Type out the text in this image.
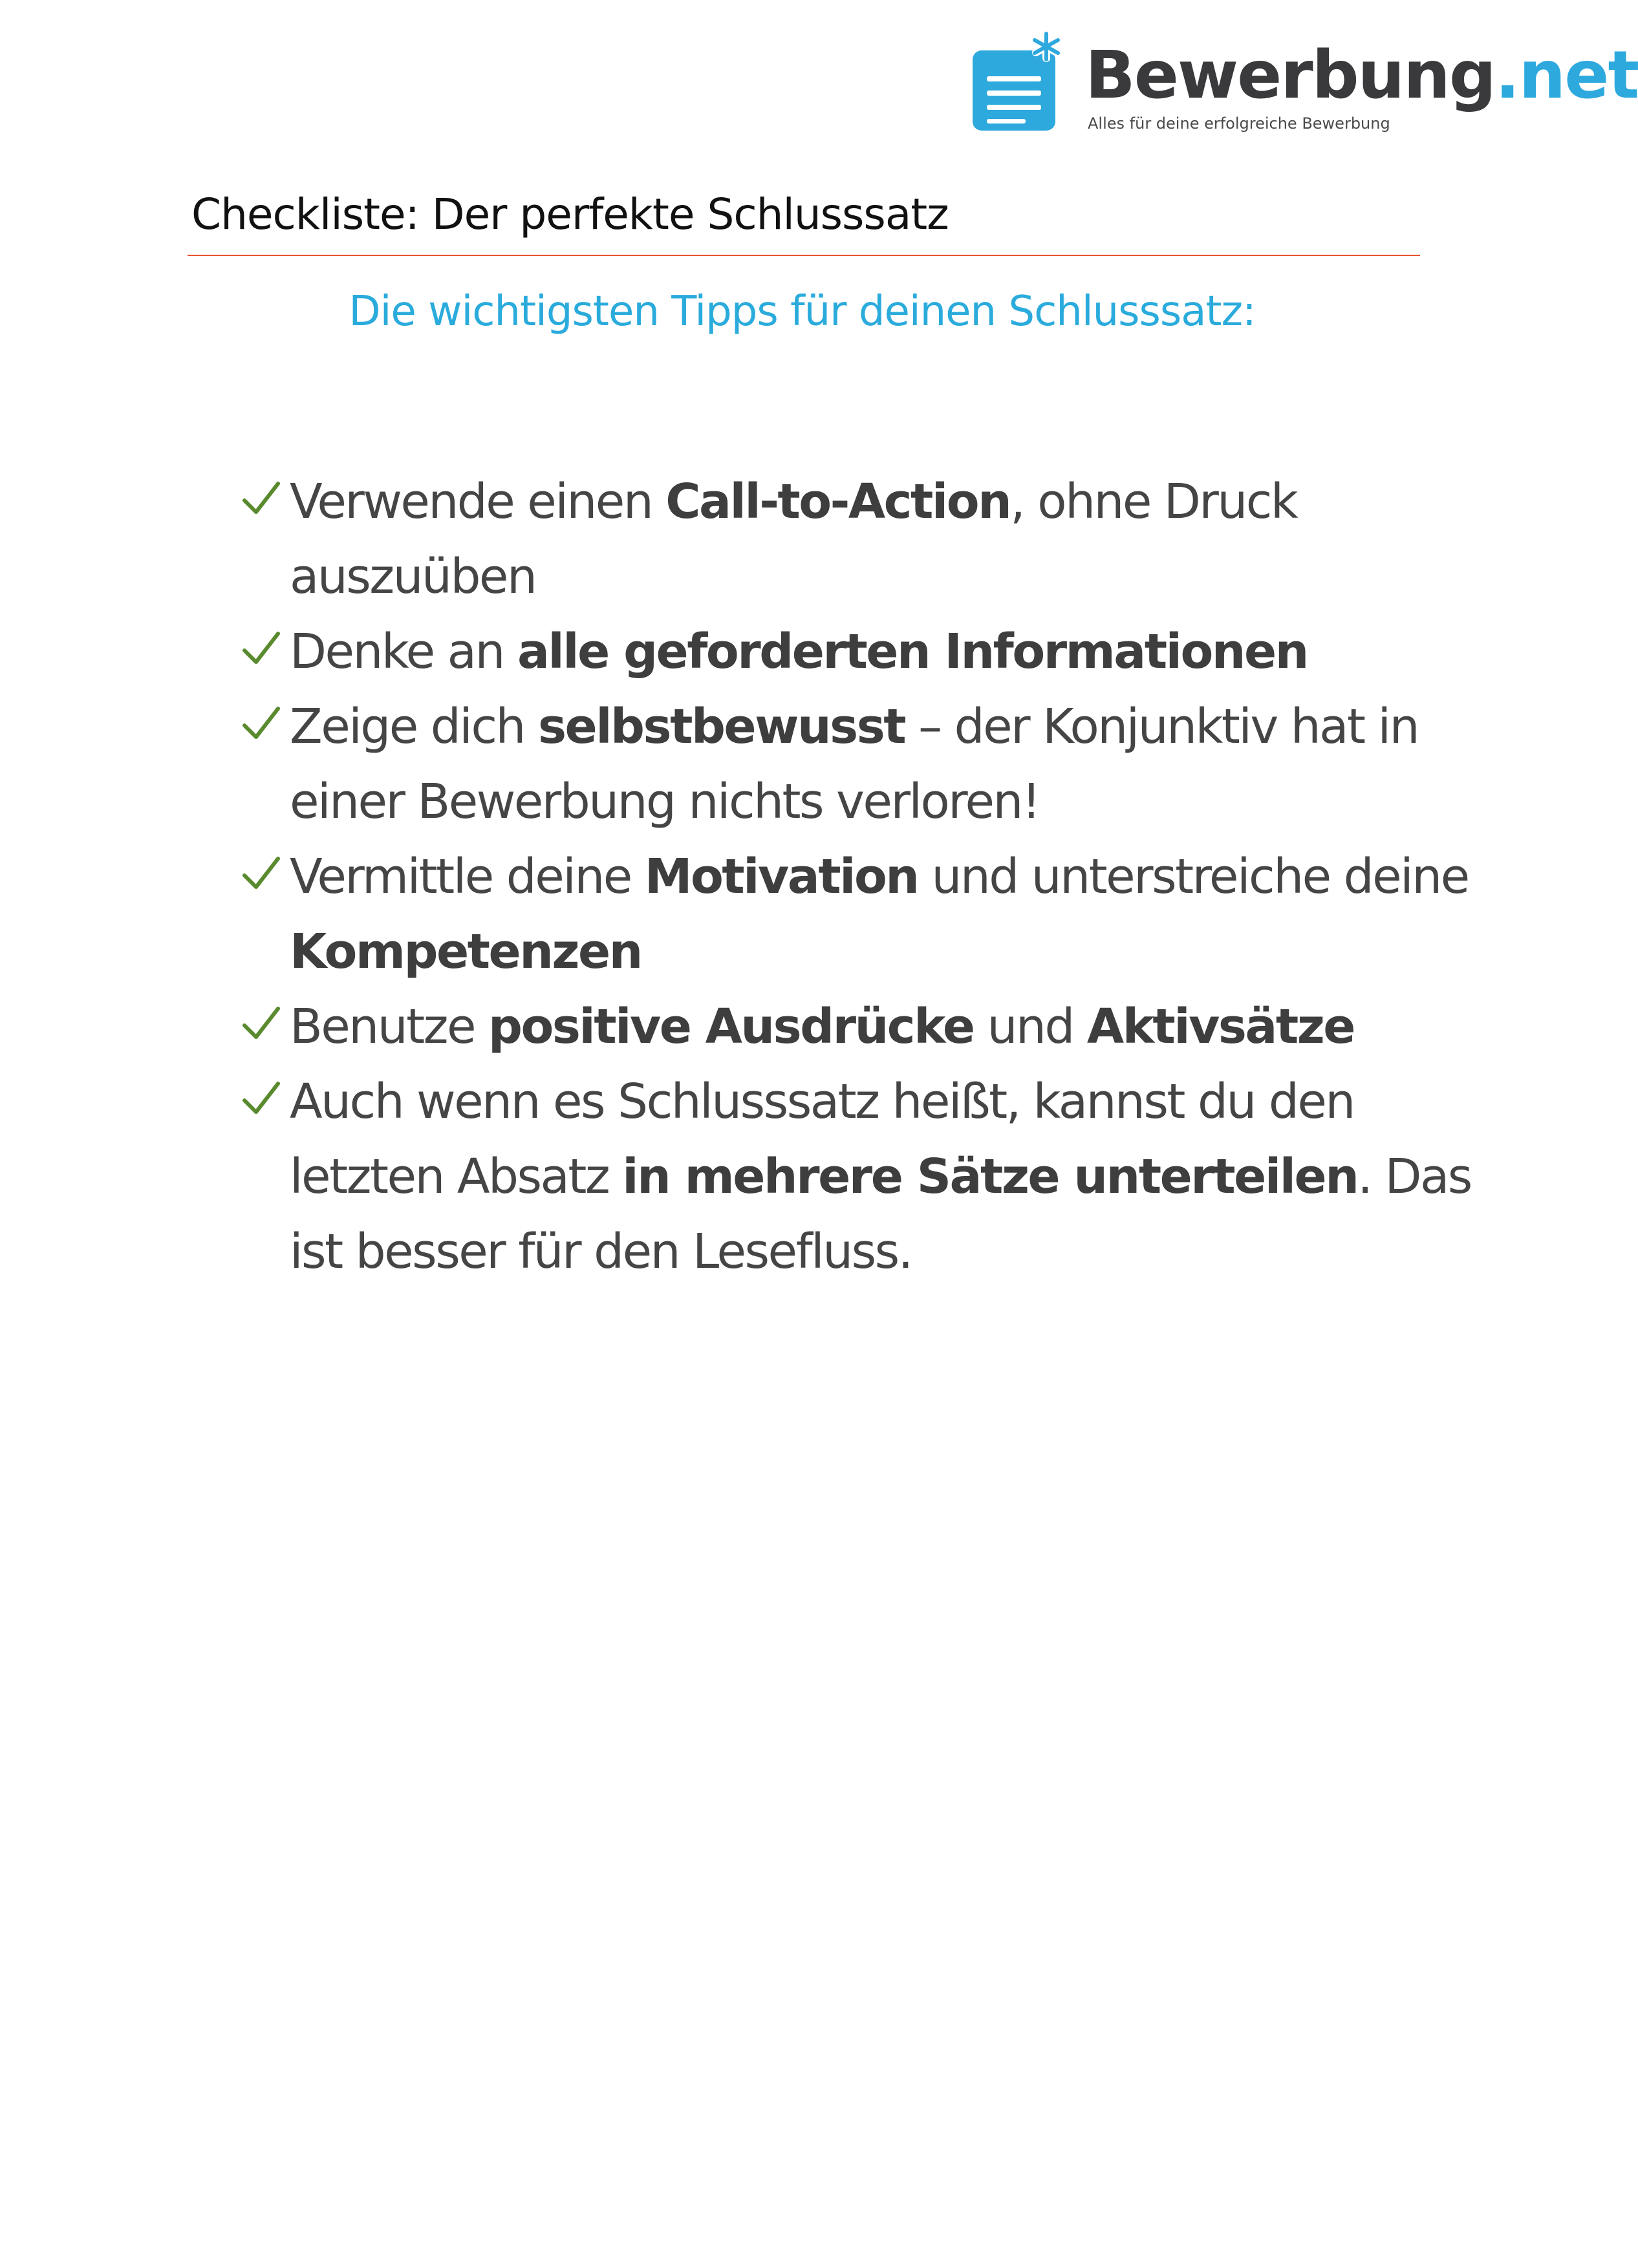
Bewerbung.net
Alles für deine erfolgreiche Bewerbung
Checkliste: Der perfekte Schlusssatz
Die wichtigsten Tipps für deinen Schlusssatz:
Verwende einen Call-to-Action, ohne Druck auszuüben
Denke an alle geforderten Informationen
Zeige dich selbstbewusst – der Konjunktiv hat in einer Bewerbung nichts verloren!
Vermittle deine Motivation und unterstreiche deine Kompetenzen
Benutze positive Ausdrücke und Aktivsätze
Auch wenn es Schlusssatz heißt, kannst du den letzten Absatz in mehrere Sätze unterteilen. Das ist besser für den Lesefluss.
